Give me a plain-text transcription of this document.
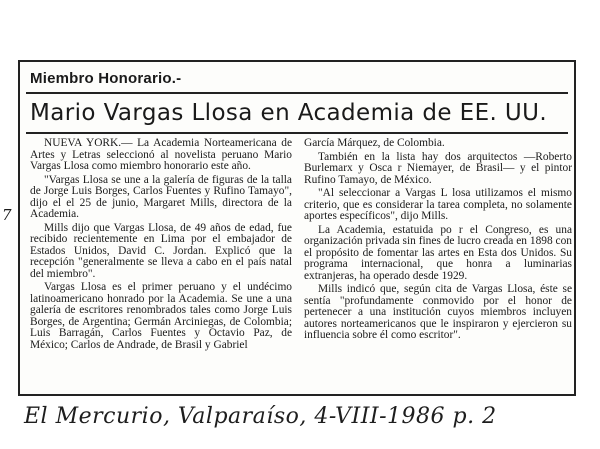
Miembro Honorario.-
Mario Vargas Llosa en Academia de EE. UU.

NUEVA YORK.— La Academia Norteamericana de Artes y Letras seleccionó al novelista peruano Mario Vargas Llosa como miembro honorario este año.

"Vargas Llosa se une a la galería de figuras de la talla de Jorge Luis Borges, Carlos Fuentes y Rufino Tamayo", dijo el el 25 de junio, Margaret Mills, directora de la Academia.

Mills dijo que Vargas Llosa, de 49 años de edad, fue recibido recientemente en Lima por el embajador de Estados Unidos, David C. Jordan. Explicó que la recepción "generalmente se lleva a cabo en el país natal del miembro".

Vargas Llosa es el primer peruano y el undécimo latinoamericano honrado por la Academia. Se une a una galería de escritores renombrados tales como Jorge Luis Borges, de Argentina; Germán Arciniegas, de Colombia; Luis Barragán, Carlos Fuentes y Octavio Paz, de México; Carlos de Andrade, de Brasil y Gabriel

García Márquez, de Colombia.

También en la lista hay dos arquitectos —Roberto Burlemarx y Osca r Niemayer, de Brasil— y el pintor Rufino Tamayo, de México.

"Al seleccionar a Vargas L losa utilizamos el mismo criterio, que es considerar la tarea completa, no solamente aportes específicos", dijo Mills.

La Academia, estatuida po r el Congreso, es una organización privada sin fines de lucro creada en 1898 con el propósito de fomentar las artes en Esta dos Unidos. Su programa internacional, que honra a luminarias extranjeras, ha operado desde 1929.

Mills indicó que, según cita de Vargas Llosa, éste se sentía "profundamente conmovido por el honor de pertenecer a una institución cuyos miembros incluyen autores norteamericanos que le inspiraron y ejercieron su influencia sobre él como escritor".

7
El Mercurio, Valparaíso, 4-VIII-1986 p. 2
